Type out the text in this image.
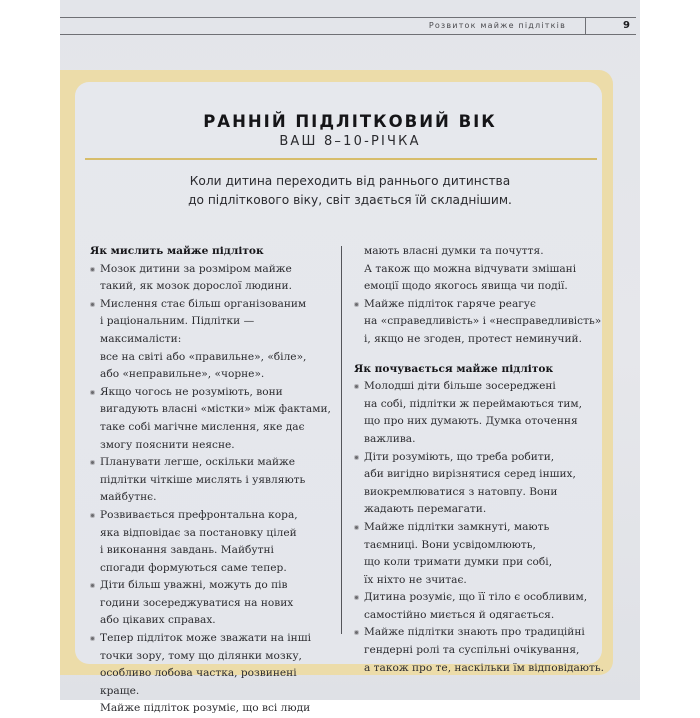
Розвиток майже підлітків	9
РАННІЙ ПІДЛІТКОВИЙ ВІК
ВАШ 8–10-РІЧКА
Коли дитина переходить від раннього дитинства
до підліткового віку, світ здається їй складнішим.
Як мислить майже підліток
Мозок дитини за розміром майже
такий, як мозок дорослої людини.
Мислення стає більш організованим
і раціональним. Підлітки — максималісти:
все на світі або «правильне», «біле»,
або «неправильне», «чорне».
Якщо чогось не розуміють, вони
вигадують власні «містки» між фактами,
таке собі магічне мислення, яке дає
змогу пояснити неясне.
Планувати легше, оскільки майже
підлітки чіткіше мислять і уявляють
майбутнє.
Розвивається префронтальна кора,
яка відповідає за постановку цілей
і виконання завдань. Майбутні
спогади формуються саме тепер.
Діти більш уважні, можуть до пів
години зосереджуватися на нових
або цікавих справах.
Тепер підліток може зважати на інші
точки зору, тому що ділянки мозку,
особливо лобова частка, розвинені краще.
Майже підліток розуміє, що всі люди
мають власні думки та почуття.
А також що можна відчувати змішані
емоції щодо якогось явища чи події.
Майже підліток гаряче реагує
на «справедливість» і «несправедливість»
і, якщо не згоден, протест неминучий.
Як почувається майже підліток
Молодші діти більше зосереджені
на собі, підлітки ж переймаються тим,
що про них думають. Думка оточення
важлива.
Діти розуміють, що треба робити,
аби вигідно вирізнятися серед інших,
виокремлюватися з натовпу. Вони
жадають перемагати.
Майже підлітки замкнуті, мають
таємниці. Вони усвідомлюють,
що коли тримати думки при собі,
їх ніхто не зчитає.
Дитина розуміє, що її тіло є особливим,
самостійно миється й одягається.
Майже підлітки знають про традиційні
гендерні ролі та суспільні очікування,
а також про те, наскільки їм відповідають.
